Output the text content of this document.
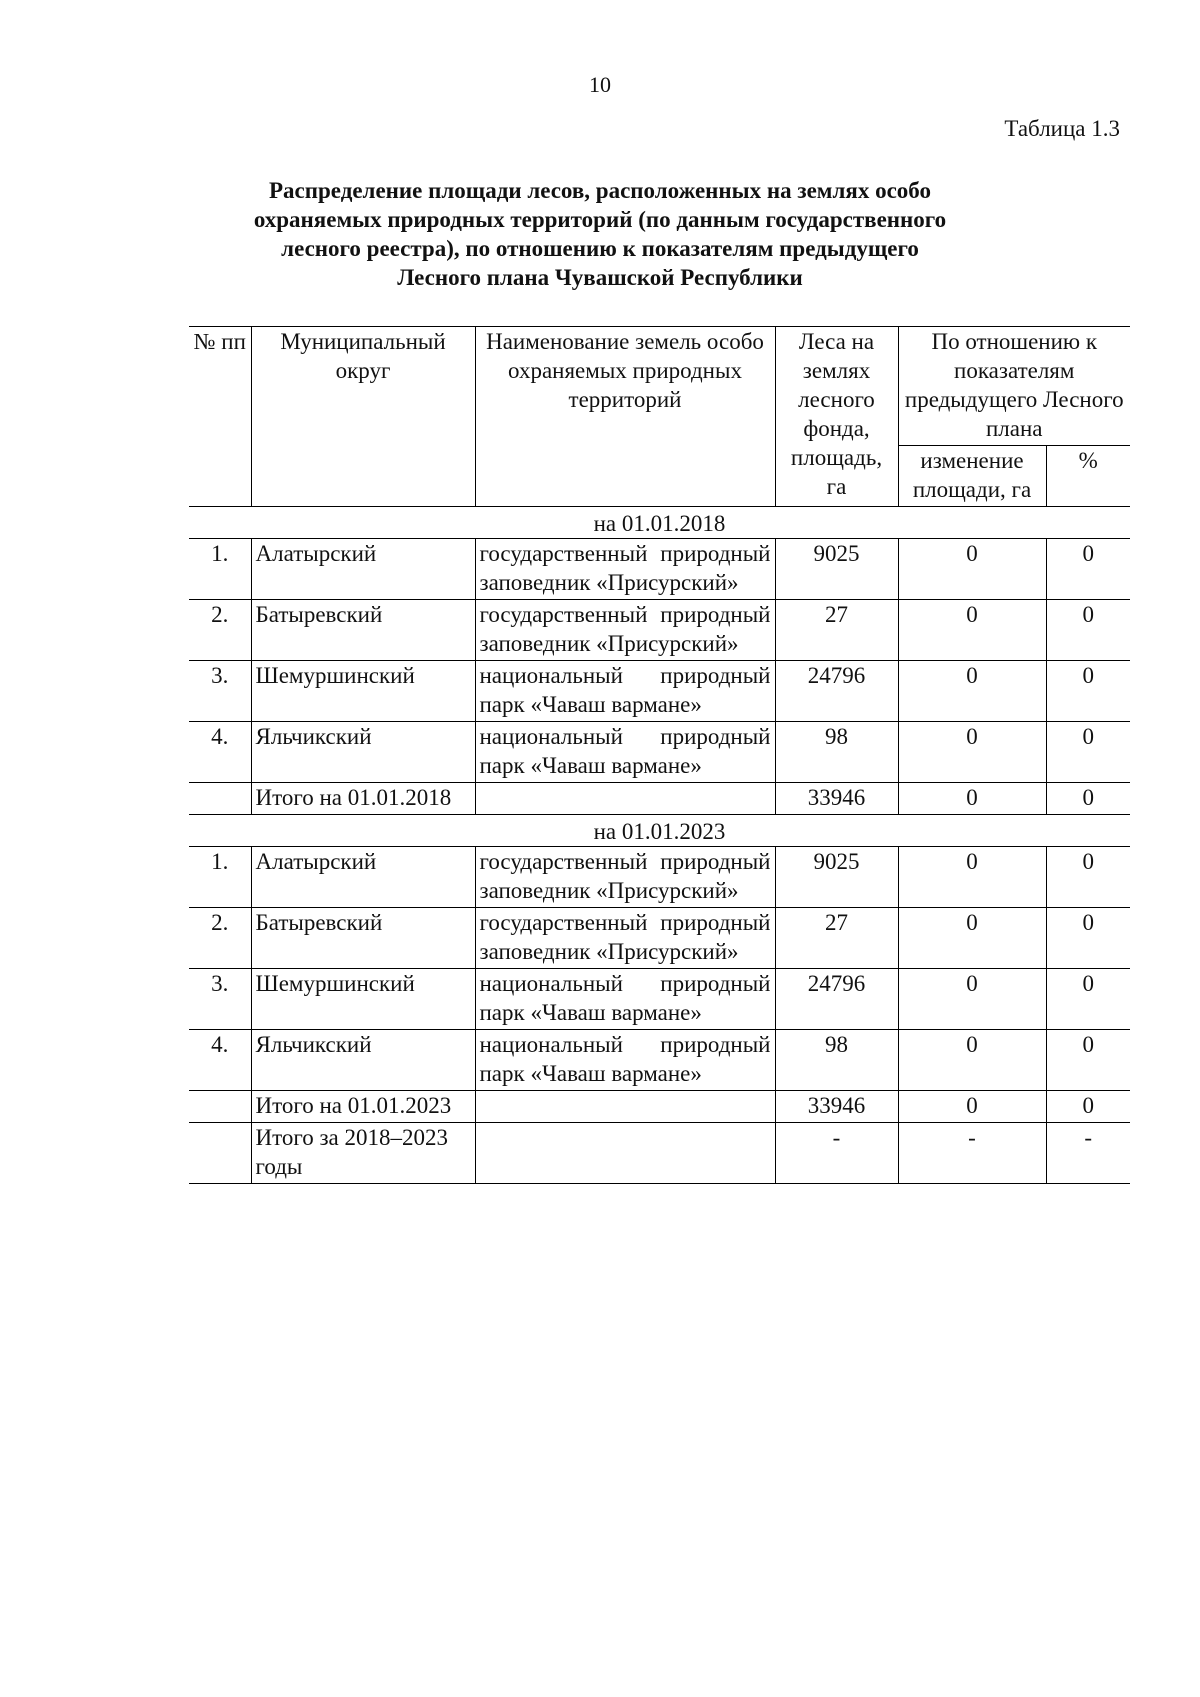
10
Таблица 1.3
Распределение площади лесов, расположенных на землях особо
охраняемых природных территорий (по данным государственного
лесного реестра), по отношению к показателям предыдущего
Лесного плана Чувашской Республики
№ пп	Муниципальный округ	Наименование земель особо охраняемых природных территорий	Леса на землях лесного фонда, площадь, га	По отношению к показателям предыдущего Лесного плана	
				изменение площади, га	%
на 01.01.2018					
1.	Алатырский	государственный природный заповедник «Присурский»	9025	0	0
2.	Батыревский	государственный природный заповедник «Присурский»	27	0	0
3.	Шемуршинский	национальный природный парк «Чаваш вармане»	24796	0	0
4.	Яльчикский	национальный природный парк «Чаваш вармане»	98	0	0
	Итого на 01.01.2018		33946	0	0
на 01.01.2023					
1.	Алатырский	государственный природный заповедник «Присурский»	9025	0	0
2.	Батыревский	государственный природный заповедник «Присурский»	27	0	0
3.	Шемуршинский	национальный природный парк «Чаваш вармане»	24796	0	0
4.	Яльчикский	национальный природный парк «Чаваш вармане»	98	0	0
	Итого на 01.01.2023		33946	0	0
	Итого за 2018–2023 годы		-	-	-
